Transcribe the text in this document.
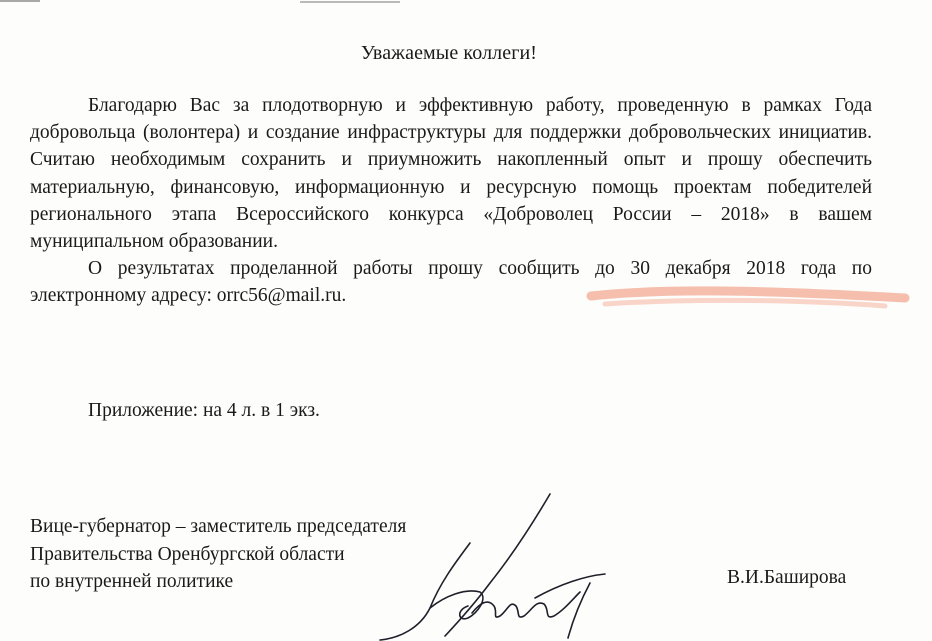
Уважаемые коллеги!

Благодарю Вас за плодотворную и эффективную работу, проведенную в рамках Года добровольца (волонтера) и создание инфраструктуры для поддержки добровольческих инициатив. Считаю необходимым сохранить и приумножить накопленный опыт и прошу обеспечить материальную, финансовую, информационную и ресурсную помощь проектам победителей регионального этапа Всероссийского конкурса «Доброволец России – 2018» в вашем муниципальном образовании.

О результатах проделанной работы прошу сообщить до 30 декабря 2018 года по электронному адресу: orrc56@mail.ru.

Приложение: на 4 л. в 1 экз.
Вице-губернатор – заместитель председателя
Правительства Оренбургской области
по внутренней политике	В.И.Баширова
